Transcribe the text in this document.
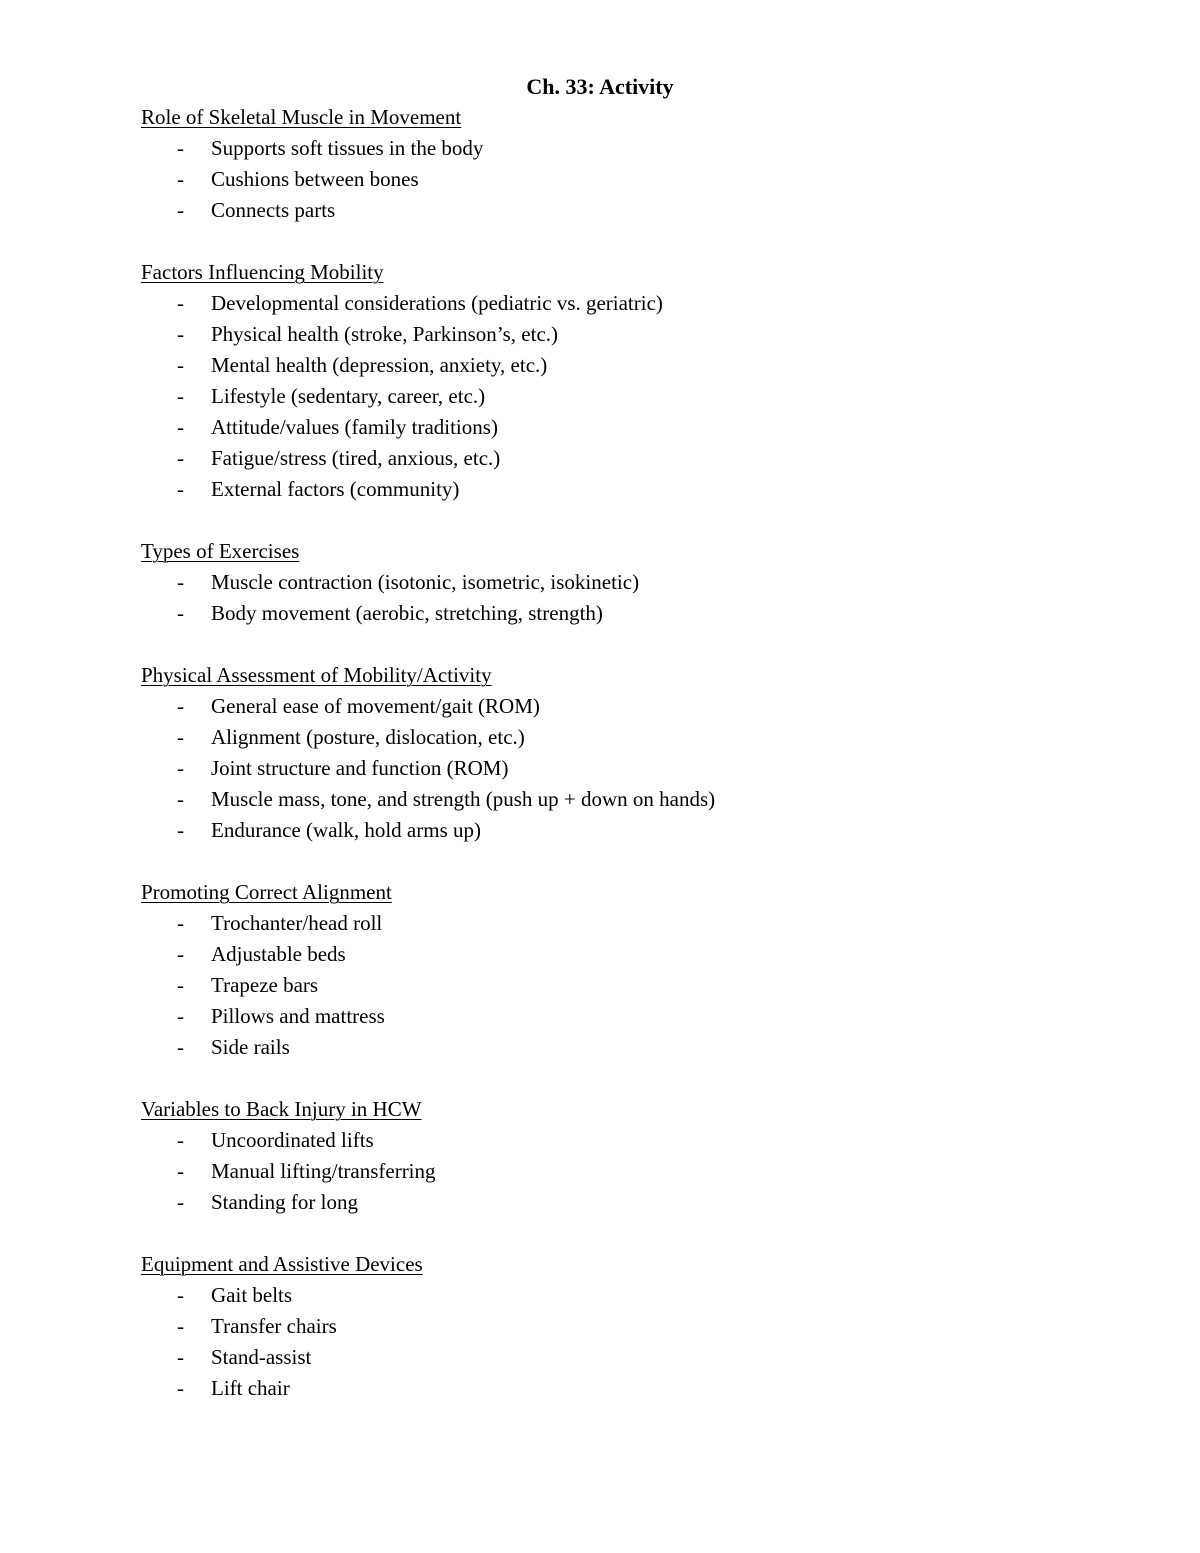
Ch. 33: Activity
Role of Skeletal Muscle in Movement
- Supports soft tissues in the body
- Cushions between bones
- Connects parts
Factors Influencing Mobility
- Developmental considerations (pediatric vs. geriatric)
- Physical health (stroke, Parkinson’s, etc.)
- Mental health (depression, anxiety, etc.)
- Lifestyle (sedentary, career, etc.)
- Attitude/values (family traditions)
- Fatigue/stress (tired, anxious, etc.)
- External factors (community)
Types of Exercises
- Muscle contraction (isotonic, isometric, isokinetic)
- Body movement (aerobic, stretching, strength)
Physical Assessment of Mobility/Activity
- General ease of movement/gait (ROM)
- Alignment (posture, dislocation, etc.)
- Joint structure and function (ROM)
- Muscle mass, tone, and strength (push up + down on hands)
- Endurance (walk, hold arms up)
Promoting Correct Alignment
- Trochanter/head roll
- Adjustable beds
- Trapeze bars
- Pillows and mattress
- Side rails
Variables to Back Injury in HCW
- Uncoordinated lifts
- Manual lifting/transferring
- Standing for long
Equipment and Assistive Devices
- Gait belts
- Transfer chairs
- Stand-assist
- Lift chair
